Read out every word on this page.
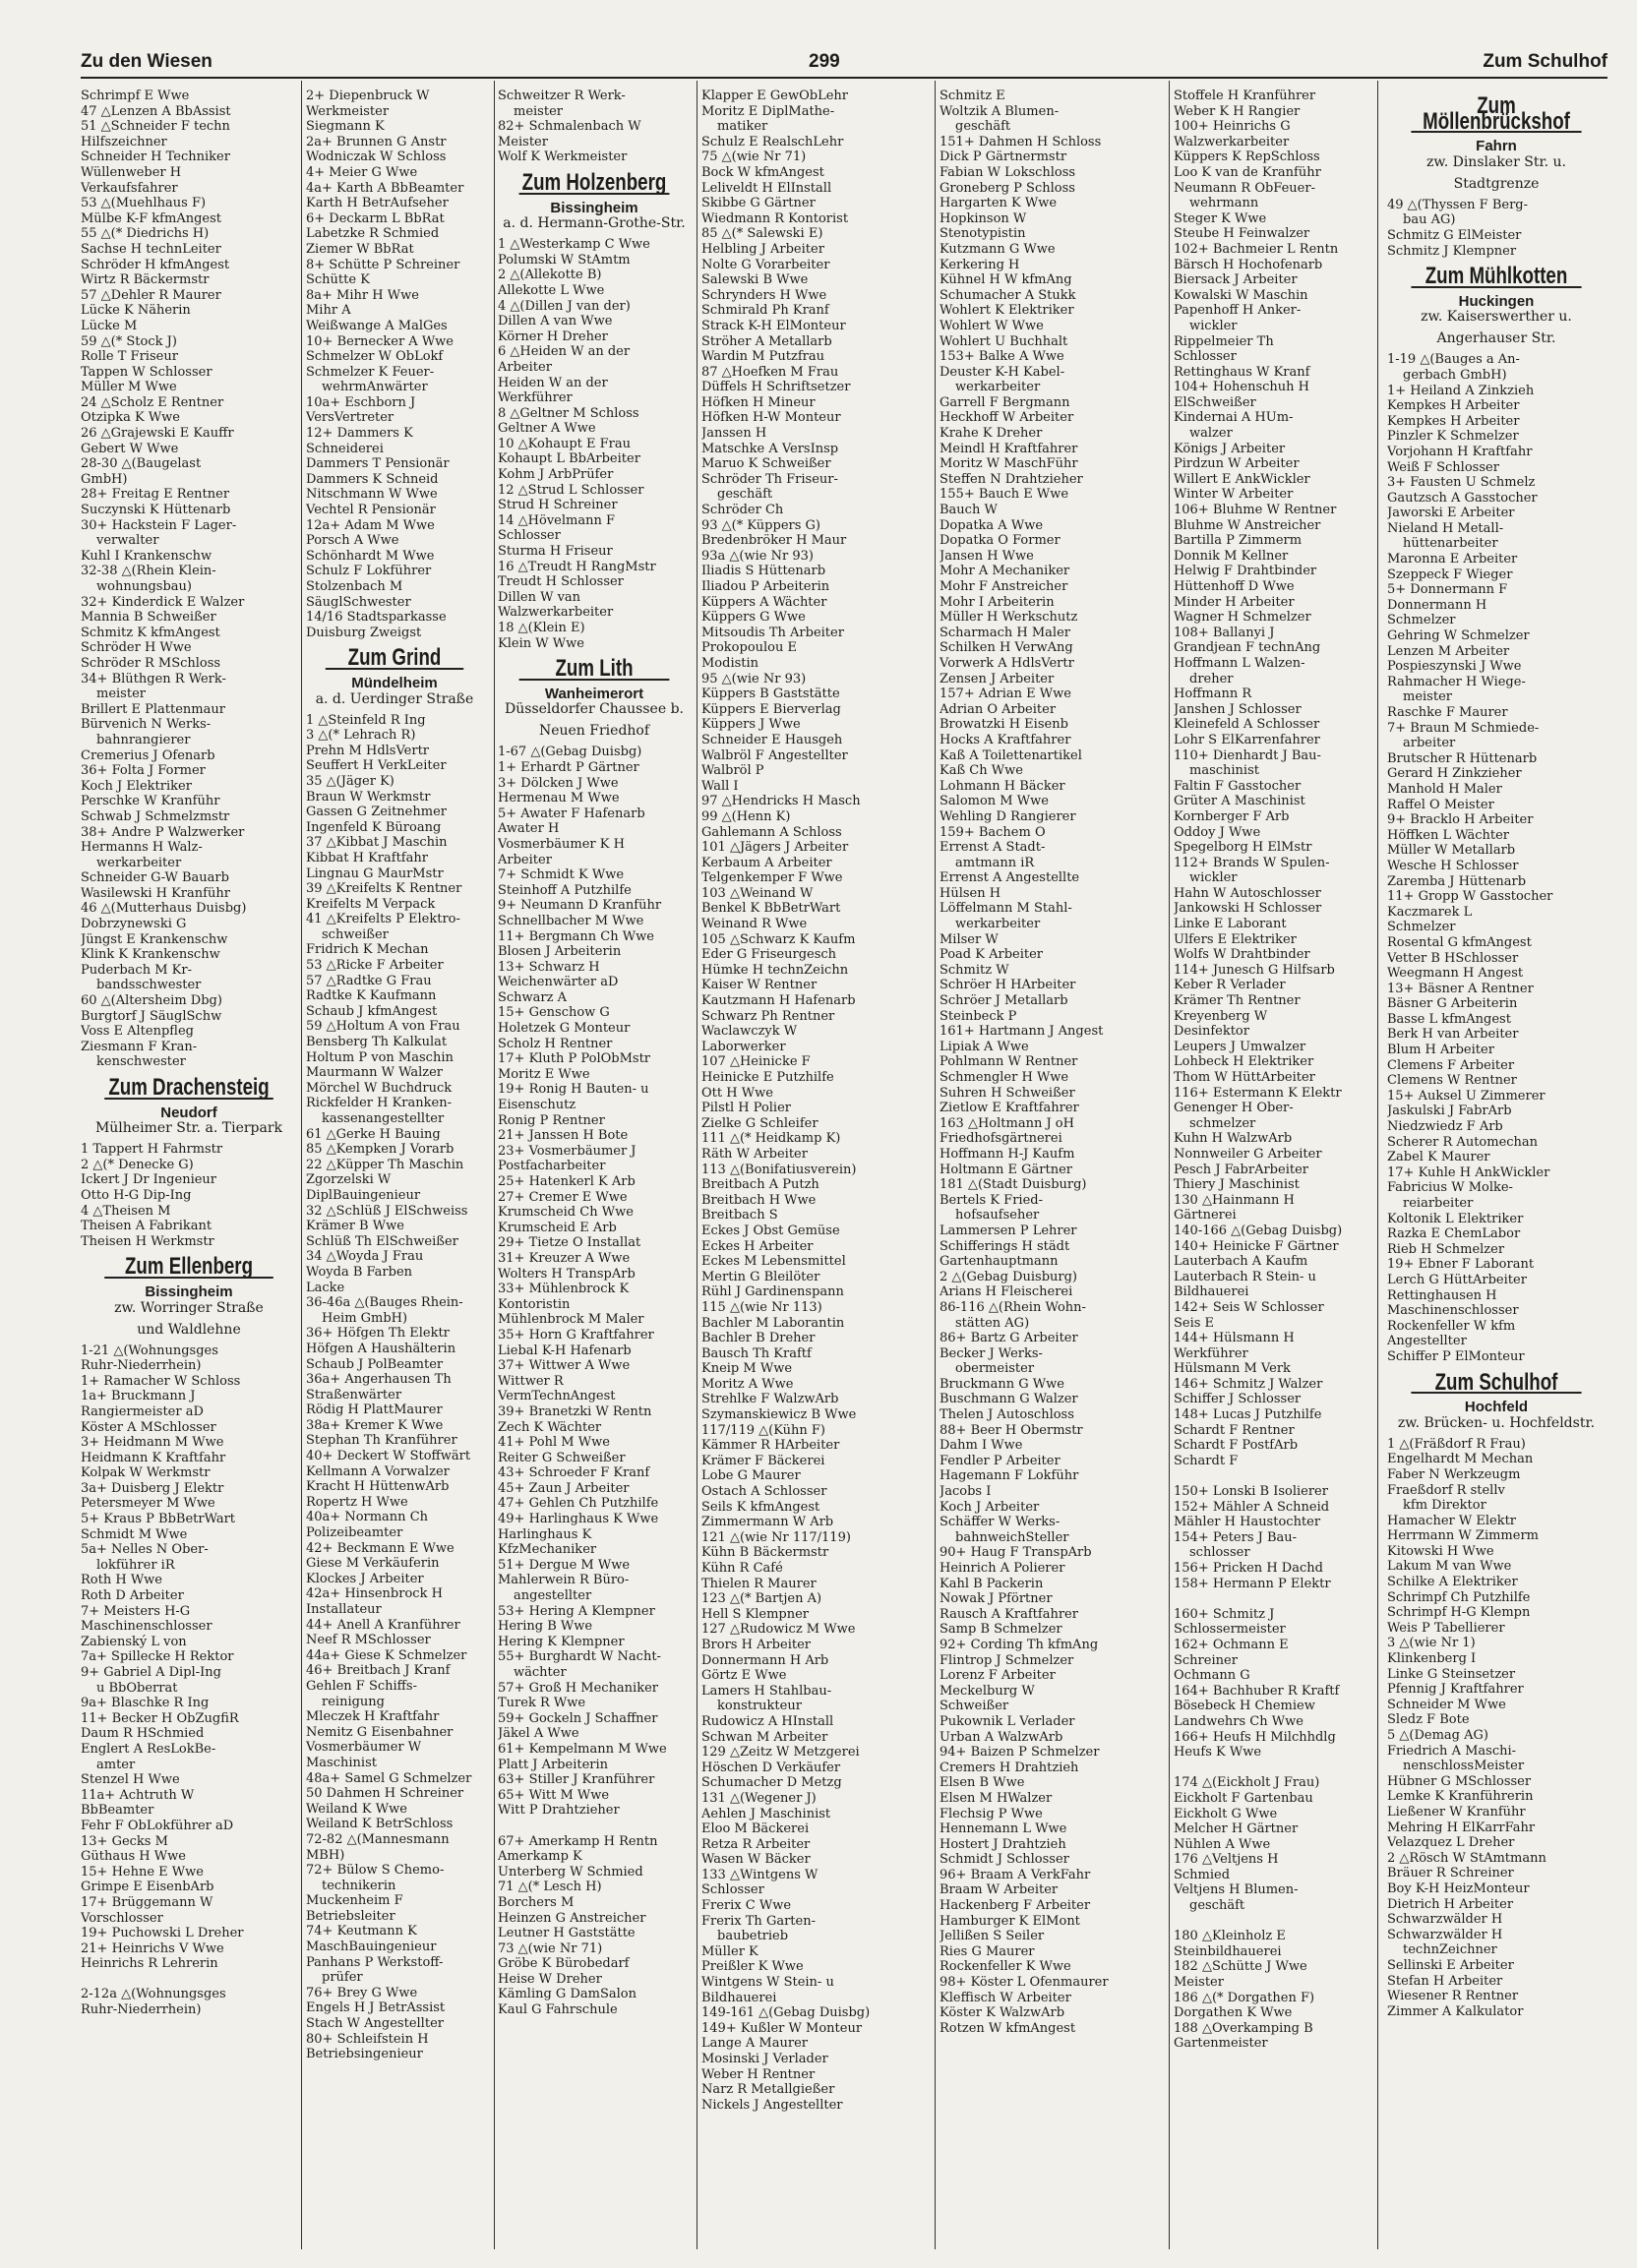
Zu den Wiesen	299	Zum Schulhof
Schrimpf E Wwe
47 △Lenzen A BbAssist
51 △Schneider F techn
Hilfszeichner
Schneider H Techniker
Wüllenweber H
Verkaufsfahrer
53 △(Muehlhaus F)
Mülbe K-F kfmAngest
55 △(* Diedrichs H)
Sachse H technLeiter
Schröder H kfmAngest
Wirtz R Bäckermstr
57 △Dehler R Maurer
Lücke K Näherin
Lücke M
59 △(* Stock J)
Rolle T Friseur
Tappen W Schlosser
Müller M Wwe
24 △Scholz E Rentner
Otzipka K Wwe
26 △Grajewski E Kauffr
Gebert W Wwe
28-30 △(Baugelast
GmbH)
28+ Freitag E Rentner
Suczynski K Hüttenarb
30+ Hackstein F Lager-
verwalter
Kuhl I Krankenschw
32-38 △(Rhein Klein-
wohnungsbau)
32+ Kinderdick E Walzer
Mannia B Schweißer
Schmitz K kfmAngest
Schröder H Wwe
Schröder R MSchloss
34+ Blüthgen R Werk-
meister
Brillert E Plattenmaur
Bürvenich N Werks-
bahnrangierer
Cremerius J Ofenarb
36+ Folta J Former
Koch J Elektriker
Perschke W Kranführ
Schwab J Schmelzmstr
38+ Andre P Walzwerker
Hermanns H Walz-
werkarbeiter
Schneider G-W Bauarb
Wasilewski H Kranführ
46 △(Mutterhaus Duisbg)
Dobrzynewski G
Jüngst E Krankenschw
Klink K Krankenschw
Puderbach M Kr-
bandsschwester
60 △(Altersheim Dbg)
Burgtorf J SäuglSchw
Voss E Altenpfleg
Ziesmann F Kran-
kenschwester
Zum Drachensteig
Neudorf
Mülheimer Str. a. Tierpark
1 Tappert H Fahrmstr
2 △(* Denecke G)
Ickert J Dr Ingenieur
Otto H-G Dip-Ing
4 △Theisen M
Theisen A Fabrikant
Theisen H Werkmstr
Zum Ellenberg
Bissingheim
zw. Worringer Straße
und Waldlehne
1-21 △(Wohnungsges
Ruhr-Niederrhein)
1+ Ramacher W Schloss
1a+ Bruckmann J
Rangiermeister aD
Köster A MSchlosser
3+ Heidmann M Wwe
Heidmann K Kraftfahr
Kolpak W Werkmstr
3a+ Duisberg J Elektr
Petersmeyer M Wwe
5+ Kraus P BbBetrWart
Schmidt M Wwe
5a+ Nelles N Ober-
lokführer iR
Roth H Wwe
Roth D Arbeiter
7+ Meisters H-G
Maschinenschlosser
Zabienský L von
7a+ Spillecke H Rektor
9+ Gabriel A Dipl-Ing
u BbOberrat
9a+ Blaschke R Ing
11+ Becker H ObZugfiR
Daum R HSchmied
Englert A ResLokBe-
amter
Stenzel H Wwe
11a+ Achtruth W
BbBeamter
Fehr F ObLokführer aD
13+ Gecks M
Güthaus H Wwe
15+ Hehne E Wwe
Grimpe E EisenbArb
17+ Brüggemann W
Vorschlosser
19+ Puchowski L Dreher
21+ Heinrichs V Wwe
Heinrichs R Lehrerin

2-12a △(Wohnungsges
Ruhr-Niederrhein)
2+ Diepenbruck W
Werkmeister
Siegmann K
2a+ Brunnen G Anstr
Wodniczak W Schloss
4+ Meier G Wwe
4a+ Karth A BbBeamter
Karth H BetrAufseher
6+ Deckarm L BbRat
Labetzke R Schmied
Ziemer W BbRat
8+ Schütte P Schreiner
Schütte K
8a+ Mihr H Wwe
Mihr A
Weißwange A MalGes
10+ Bernecker A Wwe
Schmelzer W ObLokf
Schmelzer K Feuer-
wehrmAnwärter
10a+ Eschborn J
VersVertreter
12+ Dammers K
Schneiderei
Dammers T Pensionär
Dammers K Schneid
Nitschmann W Wwe
Vechtel R Pensionär
12a+ Adam M Wwe
Porsch A Wwe
Schönhardt M Wwe
Schulz F Lokführer
Stolzenbach M
SäuglSchwester
14/16 Stadtsparkasse
Duisburg Zweigst
Zum Grind
Mündelheim
a. d. Uerdinger Straße
1 △Steinfeld R Ing
3 △(* Lehrach R)
Prehn M HdlsVertr
Seuffert H VerkLeiter
35 △(Jäger K)
Braun W Werkmstr
Gassen G Zeitnehmer
Ingenfeld K Büroang
37 △Kibbat J Maschin
Kibbat H Kraftfahr
Lingnau G MaurMstr
39 △Kreifelts K Rentner
Kreifelts M Verpack
41 △Kreifelts P Elektro-
schweißer
Fridrich K Mechan
53 △Ricke F Arbeiter
57 △Radtke G Frau
Radtke K Kaufmann
Schaub J kfmAngest
59 △Holtum A von Frau
Bensberg Th Kalkulat
Holtum P von Maschin
Maurmann W Walzer
Mörchel W Buchdruck
Rickfelder H Kranken-
kassenangestellter
61 △Gerke H Bauing
85 △Kempken J Vorarb
22 △Küpper Th Maschin
Zgorzelski W
DiplBauingenieur
32 △Schlüß J ElSchweiss
Krämer B Wwe
Schlüß Th ElSchweißer
34 △Woyda J Frau
Woyda B Farben
Lacke
36-46a △(Bauges Rhein-
Heim GmbH)
36+ Höfgen Th Elektr
Höfgen A Haushälterin
Schaub J PolBeamter
36a+ Angerhausen Th
Straßenwärter
Rödig H PlattMaurer
38a+ Kremer K Wwe
Stephan Th Kranführer
40+ Deckert W Stoffwärt
Kellmann A Vorwalzer
Kracht H HüttenwArb
Ropertz H Wwe
40a+ Normann Ch
Polizeibeamter
42+ Beckmann E Wwe
Giese M Verkäuferin
Klockes J Arbeiter
42a+ Hinsenbrock H
Installateur
44+ Anell A Kranführer
Neef R MSchlosser
44a+ Giese K Schmelzer
46+ Breitbach J Kranf
Gehlen F Schiffs-
reinigung
Mleczek H Kraftfahr
Nemitz G Eisenbahner
Vosmerbäumer W
Maschinist
48a+ Samel G Schmelzer
50 Dahmen H Schreiner
Weiland K Wwe
Weiland K BetrSchloss
72-82 △(Mannesmann
MBH)
72+ Bülow S Chemo-
technikerin
Muckenheim F
Betriebsleiter
74+ Keutmann K
MaschBauingenieur
Panhans P Werkstoff-
prüfer
76+ Brey G Wwe
Engels H J BetrAssist
Stach W Angestellter
80+ Schleifstein H
Betriebsingenieur
Schweitzer R Werk-
meister
82+ Schmalenbach W
Meister
Wolf K Werkmeister
Zum Holzenberg
Bissingheim
a. d. Hermann-Grothe-Str.
1 △Westerkamp C Wwe
Polumski W StAmtm
2 △(Allekotte B)
Allekotte L Wwe
4 △(Dillen J van der)
Dillen A van Wwe
Körner H Dreher
6 △Heiden W an der
Arbeiter
Heiden W an der
Werkführer
8 △Geltner M Schloss
Geltner A Wwe
10 △Kohaupt E Frau
Kohaupt L BbArbeiter
Kohm J ArbPrüfer
12 △Strud L Schlosser
Strud H Schreiner
14 △Hövelmann F
Schlosser
Sturma H Friseur
16 △Treudt H RangMstr
Treudt H Schlosser
Dillen W van
Walzwerkarbeiter
18 △(Klein E)
Klein W Wwe
Zum Lith
Wanheimerort
Düsseldorfer Chaussee b.
Neuen Friedhof
1-67 △(Gebag Duisbg)
1+ Erhardt P Gärtner
3+ Dölcken J Wwe
Hermenau M Wwe
5+ Awater F Hafenarb
Awater H
Vosmerbäumer K H
Arbeiter
7+ Schmidt K Wwe
Steinhoff A Putzhilfe
9+ Neumann D Kranführ
Schnellbacher M Wwe
11+ Bergmann Ch Wwe
Blosen J Arbeiterin
13+ Schwarz H
Weichenwärter aD
Schwarz A
15+ Genschow G
Holetzek G Monteur
Scholz H Rentner
17+ Kluth P PolObMstr
Moritz E Wwe
19+ Ronig H Bauten- u
Eisenschutz
Ronig P Rentner
21+ Janssen H Bote
23+ Vosmerbäumer J
Postfacharbeiter
25+ Hatenkerl K Arb
27+ Cremer E Wwe
Krumscheid Ch Wwe
Krumscheid E Arb
29+ Tietze O Installat
31+ Kreuzer A Wwe
Wolters H TranspArb
33+ Mühlenbrock K
Kontoristin
Mühlenbrock M Maler
35+ Horn G Kraftfahrer
Liebal K-H Hafenarb
37+ Wittwer A Wwe
Wittwer R
VermTechnAngest
39+ Branetzki W Rentn
Zech K Wächter
41+ Pohl M Wwe
Reiter G Schweißer
43+ Schroeder F Kranf
45+ Zaun J Arbeiter
47+ Gehlen Ch Putzhilfe
49+ Harlinghaus K Wwe
Harlinghaus K
KfzMechaniker
51+ Dergue M Wwe
Mahlerwein R Büro-
angestellter
53+ Hering A Klempner
Hering B Wwe
Hering K Klempner
55+ Burghardt W Nacht-
wächter
57+ Groß H Mechaniker
Turek R Wwe
59+ Gockeln J Schaffner
Jäkel A Wwe
61+ Kempelmann M Wwe
Platt J Arbeiterin
63+ Stiller J Kranführer
65+ Witt M Wwe
Witt P Drahtzieher

67+ Amerkamp H Rentn
Amerkamp K
Unterberg W Schmied
71 △(* Lesch H)
Borchers M
Heinzen G Anstreicher
Leutner H Gaststätte
73 △(wie Nr 71)
Gröbe K Bürobedarf
Heise W Dreher
Kämling G DamSalon
Kaul G Fahrschule
Klapper E GewObLehr
Moritz E DiplMathe-
matiker
Schulz E RealschLehr
75 △(wie Nr 71)
Bock W kfmAngest
Leliveldt H ElInstall
Skibbe G Gärtner
Wiedmann R Kontorist
85 △(* Salewski E)
Helbling J Arbeiter
Nolte G Vorarbeiter
Salewski B Wwe
Schrynders H Wwe
Schmirald Ph Kranf
Strack K-H ElMonteur
Ströher A Metallarb
Wardin M Putzfrau
87 △Hoefken M Frau
Düffels H Schriftsetzer
Höfken H Mineur
Höfken H-W Monteur
Janssen H
Matschke A VersInsp
Maruo K Schweißer
Schröder Th Friseur-
geschäft
Schröder Ch
93 △(* Küppers G)
Bredenbröker H Maur
93a △(wie Nr 93)
Iliadis S Hüttenarb
Iliadou P Arbeiterin
Küppers A Wächter
Küppers G Wwe
Mitsoudis Th Arbeiter
Prokopoulou E
Modistin
95 △(wie Nr 93)
Küppers B Gaststätte
Küppers E Bierverlag
Küppers J Wwe
Schneider E Hausgeh
Walbröl F Angestellter
Walbröl P
Wall I
97 △Hendricks H Masch
99 △(Henn K)
Gahlemann A Schloss
101 △Jägers J Arbeiter
Kerbaum A Arbeiter
Telgenkemper F Wwe
103 △Weinand W
Benkel K BbBetrWart
Weinand R Wwe
105 △Schwarz K Kaufm
Eder G Friseurgesch
Hümke H technZeichn
Kaiser W Rentner
Kautzmann H Hafenarb
Schwarz Ph Rentner
Waclawczyk W
Laborwerker
107 △Heinicke F
Heinicke E Putzhilfe
Ott H Wwe
Pilstl H Polier
Zielke G Schleifer
111 △(* Heidkamp K)
Räth W Arbeiter
113 △(Bonifatiusverein)
Breitbach A Putzh
Breitbach H Wwe
Breitbach S
Eckes J Obst Gemüse
Eckes H Arbeiter
Eckes M Lebensmittel
Mertin G Bleilöter
Rühl J Gardinenspann
115 △(wie Nr 113)
Bachler M Laborantin
Bachler B Dreher
Bausch Th Kraftf
Kneip M Wwe
Moritz A Wwe
Strehlke F WalzwArb
Szymanskiewicz B Wwe
117/119 △(Kühn F)
Kämmer R HArbeiter
Krämer F Bäckerei
Lobe G Maurer
Ostach A Schlosser
Seils K kfmAngest
Zimmermann W Arb
121 △(wie Nr 117/119)
Kühn B Bäckermstr
Kühn R Café
Thielen R Maurer
123 △(* Bartjen A)
Hell S Klempner
127 △Rudowicz M Wwe
Brors H Arbeiter
Donnermann H Arb
Görtz E Wwe
Lamers H Stahlbau-
konstrukteur
Rudowicz A HInstall
Schwan M Arbeiter
129 △Zeitz W Metzgerei
Höschen D Verkäufer
Schumacher D Metzg
131 △(Wegener J)
Aehlen J Maschinist
Eloo M Bäckerei
Retza R Arbeiter
Wasen W Bäcker
133 △Wintgens W
Schlosser
Frerix C Wwe
Frerix Th Garten-
baubetrieb
Müller K
Preißler K Wwe
Wintgens W Stein- u
Bildhauerei
149-161 △(Gebag Duisbg)
149+ Kußler W Monteur
Lange A Maurer
Mosinski J Verlader
Weber H Rentner
Narz R Metallgießer
Nickels J Angestellter
Schmitz E
Woltzik A Blumen-
geschäft
151+ Dahmen H Schloss
Dick P Gärtnermstr
Fabian W Lokschloss
Groneberg P Schloss
Hargarten K Wwe
Hopkinson W
Stenotypistin
Kutzmann G Wwe
Kerkering H
Kühnel H W kfmAng
Schumacher A Stukk
Wohlert K Elektriker
Wohlert W Wwe
Wohlert U Buchhalt
153+ Balke A Wwe
Deuster K-H Kabel-
werkarbeiter
Garrell F Bergmann
Heckhoff W Arbeiter
Krahe K Dreher
Meindl H Kraftfahrer
Moritz W MaschFühr
Steffen N Drahtzieher
155+ Bauch E Wwe
Bauch W
Dopatka A Wwe
Dopatka O Former
Jansen H Wwe
Mohr A Mechaniker
Mohr F Anstreicher
Mohr I Arbeiterin
Müller H Werkschutz
Scharmach H Maler
Schilken H VerwAng
Vorwerk A HdlsVertr
Zensen J Arbeiter
157+ Adrian E Wwe
Adrian O Arbeiter
Browatzki H Eisenb
Hocks A Kraftfahrer
Kaß A Toilettenartikel
Kaß Ch Wwe
Lohmann H Bäcker
Salomon M Wwe
Wehling D Rangierer
159+ Bachem O
Errenst A Stadt-
amtmann iR
Errenst A Angestellte
Hülsen H
Löffelmann M Stahl-
werkarbeiter
Milser W
Poad K Arbeiter
Schmitz W
Schröer H HArbeiter
Schröer J Metallarb
Steinbeck P
161+ Hartmann J Angest
Lipiak A Wwe
Pohlmann W Rentner
Schmengler H Wwe
Suhren H Schweißer
Zietlow E Kraftfahrer
163 △Holtmann J oH
Friedhofsgärtnerei
Hoffmann H-J Kaufm
Holtmann E Gärtner
181 △(Stadt Duisburg)
Bertels K Fried-
hofsaufseher
Lammersen P Lehrer
Schifferings H städt
Gartenhauptmann
2 △(Gebag Duisburg)
Arians H Fleischerei
86-116 △(Rhein Wohn-
stätten AG)
86+ Bartz G Arbeiter
Becker J Werks-
obermeister
Bruckmann G Wwe
Buschmann G Walzer
Thelen J Autoschloss
88+ Beer H Obermstr
Dahm I Wwe
Fendler P Arbeiter
Hagemann F Lokführ
Jacobs I
Koch J Arbeiter
Schäffer W Werks-
bahnweichSteller
90+ Haug F TranspArb
Heinrich A Polierer
Kahl B Packerin
Nowak J Pförtner
Rausch A Kraftfahrer
Samp B Schmelzer
92+ Cording Th kfmAng
Flintrop J Schmelzer
Lorenz F Arbeiter
Meckelburg W
Schweißer
Pukownik L Verlader
Urban A WalzwArb
94+ Baizen P Schmelzer
Cremers H Drahtzieh
Elsen B Wwe
Elsen M HWalzer
Flechsig P Wwe
Hennemann L Wwe
Hostert J Drahtzieh
Schmidt J Schlosser
96+ Braam A VerkFahr
Braam W Arbeiter
Hackenberg F Arbeiter
Hamburger K ElMont
Jellißen S Seiler
Ries G Maurer
Rockenfeller K Wwe
98+ Köster L Ofenmaurer
Kleffisch W Arbeiter
Köster K WalzwArb
Rotzen W kfmAngest
Stoffele H Kranführer
Weber K H Rangier
100+ Heinrichs G
Walzwerkarbeiter
Küppers K RepSchloss
Loo K van de Kranführ
Neumann R ObFeuer-
wehrmann
Steger K Wwe
Steube H Feinwalzer
102+ Bachmeier L Rentn
Bärsch H Hochofenarb
Biersack J Arbeiter
Kowalski W Maschin
Papenhoff H Anker-
wickler
Rippelmeier Th
Schlosser
Rettinghaus W Kranf
104+ Hohenschuh H
ElSchweißer
Kindernai A HUm-
walzer
Königs J Arbeiter
Pirdzun W Arbeiter
Willert E AnkWickler
Winter W Arbeiter
106+ Bluhme W Rentner
Bluhme W Anstreicher
Bartilla P Zimmerm
Donnik M Kellner
Helwig F Drahtbinder
Hüttenhoff D Wwe
Minder H Arbeiter
Wagner H Schmelzer
108+ Ballanyi J
Grandjean F technAng
Hoffmann L Walzen-
dreher
Hoffmann R
Janshen J Schlosser
Kleinefeld A Schlosser
Lohr S ElKarrenfahrer
110+ Dienhardt J Bau-
maschinist
Faltin F Gasstocher
Grüter A Maschinist
Kornberger F Arb
Oddoy J Wwe
Spegelborg H ElMstr
112+ Brands W Spulen-
wickler
Hahn W Autoschlosser
Jankowski H Schlosser
Linke E Laborant
Ulfers E Elektriker
Wolfs W Drahtbinder
114+ Junesch G Hilfsarb
Keber R Verlader
Krämer Th Rentner
Kreyenberg W
Desinfektor
Leupers J Umwalzer
Lohbeck H Elektriker
Thom W HüttArbeiter
116+ Estermann K Elektr
Genenger H Ober-
schmelzer
Kuhn H WalzwArb
Nonnweiler G Arbeiter
Pesch J FabrArbeiter
Thiery J Maschinist
130 △Hainmann H
Gärtnerei
140-166 △(Gebag Duisbg)
140+ Heinicke F Gärtner
Lauterbach A Kaufm
Lauterbach R Stein- u
Bildhauerei
142+ Seis W Schlosser
Seis E
144+ Hülsmann H
Werkführer
Hülsmann M Verk
146+ Schmitz J Walzer
Schiffer J Schlosser
148+ Lucas J Putzhilfe
Schardt F Rentner
Schardt F PostfArb
Schardt F

150+ Lonski B Isolierer
152+ Mähler A Schneid
Mähler H Haustochter
154+ Peters J Bau-
schlosser
156+ Pricken H Dachd
158+ Hermann P Elektr

160+ Schmitz J
Schlossermeister
162+ Ochmann E
Schreiner
Ochmann G
164+ Bachhuber R Kraftf
Bösebeck H Chemiew
Landwehrs Ch Wwe
166+ Heufs H Milchhdlg
Heufs K Wwe

174 △(Eickholt J Frau)
Eickholt F Gartenbau
Eickholt G Wwe
Melcher H Gärtner
Nühlen A Wwe
176 △Veltjens H
Schmied
Veltjens H Blumen-
geschäft

180 △Kleinholz E
Steinbildhauerei
182 △Schütte J Wwe
Meister
186 △(* Dorgathen F)
Dorgathen K Wwe
188 △Overkamping B
Gartenmeister
Zum Möllenbrückshof
Fahrn
zw. Dinslaker Str. u.
Stadtgrenze
49 △(Thyssen F Berg-
bau AG)
Schmitz G ElMeister
Schmitz J Klempner
Zum Mühlkotten
Huckingen
zw. Kaiserswerther u.
Angerhauser Str.
1-19 △(Bauges a An-
gerbach GmbH)
1+ Heiland A Zinkzieh
Kempkes H Arbeiter
Kempkes H Arbeiter
Pinzler K Schmelzer
Vorjohann H Kraftfahr
Weiß F Schlosser
3+ Fausten U Schmelz
Gautzsch A Gasstocher
Jaworski E Arbeiter
Nieland H Metall-
hüttenarbeiter
Maronna E Arbeiter
Szeppeck F Wieger
5+ Donnermann F
Donnermann H
Schmelzer
Gehring W Schmelzer
Lenzen M Arbeiter
Pospieszynski J Wwe
Rahmacher H Wiege-
meister
Raschke F Maurer
7+ Braun M Schmiede-
arbeiter
Brutscher R Hüttenarb
Gerard H Zinkzieher
Manhold H Maler
Raffel O Meister
9+ Bracklo H Arbeiter
Höffken L Wächter
Müller W Metallarb
Wesche H Schlosser
Zaremba J Hüttenarb
11+ Gropp W Gasstocher
Kaczmarek L
Schmelzer
Rosental G kfmAngest
Vetter B HSchlosser
Weegmann H Angest
13+ Bäsner A Rentner
Bäsner G Arbeiterin
Basse L kfmAngest
Berk H van Arbeiter
Blum H Arbeiter
Clemens F Arbeiter
Clemens W Rentner
15+ Auksel U Zimmerer
Jaskulski J FabrArb
Niedzwiedz F Arb
Scherer R Automechan
Zabel K Maurer
17+ Kuhle H AnkWickler
Fabricius W Molke-
reiarbeiter
Koltonik L Elektriker
Razka E ChemLabor
Rieb H Schmelzer
19+ Ebner F Laborant
Lerch G HüttArbeiter
Rettinghausen H
Maschinenschlosser
Rockenfeller W kfm
Angestellter
Schiffer P ElMonteur
Zum Schulhof
Hochfeld
zw. Brücken- u. Hochfeldstr.
1 △(Fräßdorf R Frau)
Engelhardt M Mechan
Faber N Werkzeugm
Fraeßdorf R stellv
kfm Direktor
Hamacher W Elektr
Herrmann W Zimmerm
Kitowski H Wwe
Lakum M van Wwe
Schilke A Elektriker
Schrimpf Ch Putzhilfe
Schrimpf H-G Klempn
Weis P Tabellierer
3 △(wie Nr 1)
Klinkenberg I
Linke G Steinsetzer
Pfennig J Kraftfahrer
Schneider M Wwe
Sledz F Bote
5 △(Demag AG)
Friedrich A Maschi-
nenschlossMeister
Hübner G MSchlosser
Lemke K Kranführerin
Ließener W Kranführ
Mehring H ElKarrFahr
Velazquez L Dreher
2 △Rösch W StAmtmann
Bräuer R Schreiner
Boy K-H HeizMonteur
Dietrich H Arbeiter
Schwarzwälder H
Schwarzwälder H
technZeichner
Sellinski E Arbeiter
Stefan H Arbeiter
Wiesener R Rentner
Zimmer A Kalkulator
